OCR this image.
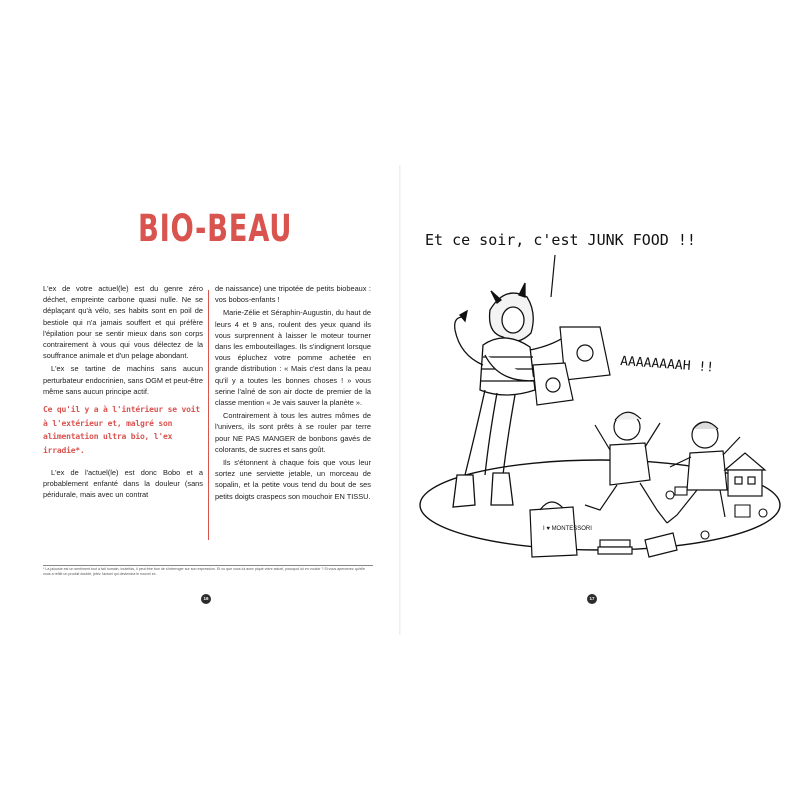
BIO-BEAU

L'ex de votre actuel(le) est du genre zéro déchet, empreinte carbone quasi nulle. Ne se déplaçant qu'à vélo, ses habits sont en poil de bestiole qui n'a jamais souffert et qui préfère l'épilation pour se sentir mieux dans son corps contrairement à vous qui vous délectez de la souffrance animale et d'un pelage abondant.

L'ex se tartine de machins sans aucun perturbateur endocrinien, sans OGM et peut-être même sans aucun principe actif.

Ce qu'il y a à l'intérieur se voit à l'extérieur et, malgré son alimentation ultra bio, l'ex irradie*.

L'ex de l'actuel(le) est donc Bobo et a probablement enfanté dans la douleur (sans péridurale, mais avec un contrat

de naissance) une tripotée de petits biobeaux : vos bobos-enfants !

Marie-Zélie et Séraphin-Augustin, du haut de leurs 4 et 9 ans, roulent des yeux quand ils vous surprennent à laisser le moteur tourner dans les embouteillages. Ils s'indignent lorsque vous épluchez votre pomme achetée en grande distribution : « Mais c'est dans la peau qu'il y a toutes les bonnes choses ! » vous serine l'aîné de son air docte de premier de la classe mention « Je vais sauver la planète ».

Contrairement à tous les autres mômes de l'univers, ils sont prêts à se rouler par terre pour NE PAS MANGER de bonbons gavés de colorants, de sucres et sans goût.

Ils s'étonnent à chaque fois que vous leur sortez une serviette jetable, un morceau de sopalin, et la petite vous tend du bout de ses petits doigts craspecs son mouchoir EN TISSU.

* La jalousie est un sentiment tout à fait humain, toutefois, il peut être bon de s'interroger sur son expression. Et vu que vous lui avez piqué votre actuel, pourquoi lui en vouloir ? Si vous apercevez qu'elle vous a refilé un produit doublé, jetez l'actuel qui deviendra le nouvel ex.
16	17
Et ce soir, c'est JUNK FOOD !!
AAAAAAAAH !!
I ♥ MONTESSORI
